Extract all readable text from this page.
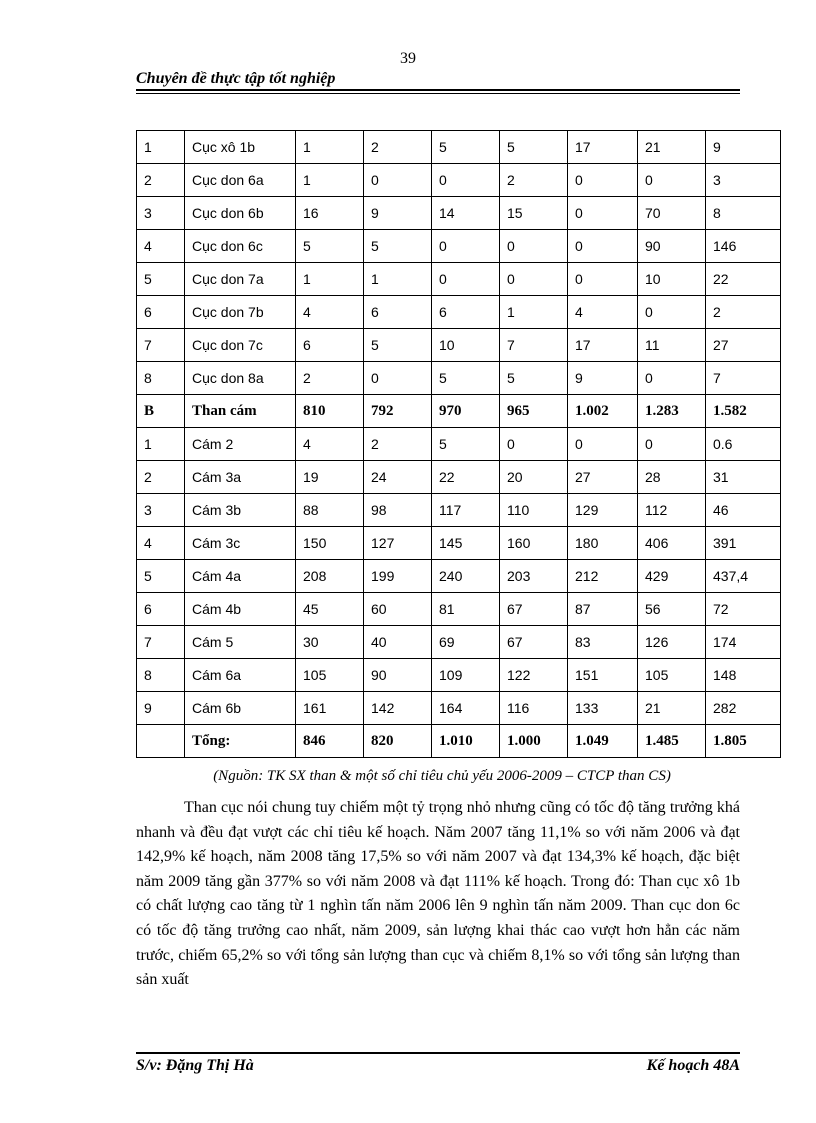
39
Chuyên đề thực tập tốt nghiệp
1	Cục xô 1b	1	2	5	5	17	21	9
2	Cục don 6a	1	0	0	2	0	0	3
3	Cục don 6b	16	9	14	15	0	70	8
4	Cục don 6c	5	5	0	0	0	90	146
5	Cục don 7a	1	1	0	0	0	10	22
6	Cục don 7b	4	6	6	1	4	0	2
7	Cục don 7c	6	5	10	7	17	11	27
8	Cục don 8a	2	0	5	5	9	0	7
B	Than cám	810	792	970	965	1.002	1.283	1.582
1	Cám 2	4	2	5	0	0	0	0.6
2	Cám 3a	19	24	22	20	27	28	31
3	Cám 3b	88	98	117	110	129	112	46
4	Cám 3c	150	127	145	160	180	406	391
5	Cám 4a	208	199	240	203	212	429	437,4
6	Cám 4b	45	60	81	67	87	56	72
7	Cám 5	30	40	69	67	83	126	174
8	Cám 6a	105	90	109	122	151	105	148
9	Cám 6b	161	142	164	116	133	21	282
	Tổng:	846	820	1.010	1.000	1.049	1.485	1.805
(Nguồn: TK SX than & một số chỉ tiêu chủ yếu 2006-2009 – CTCP than CS)

Than cục nói chung tuy chiếm một tỷ trọng nhỏ nhưng cũng có tốc độ tăng trưởng khá nhanh và đều đạt vượt các chỉ tiêu kế hoạch. Năm 2007 tăng 11,1% so với năm 2006 và đạt 142,9% kế hoạch, năm 2008 tăng 17,5% so với năm 2007 và đạt 134,3% kế hoạch, đặc biệt năm 2009 tăng gần 377% so với năm 2008 và đạt 111% kế hoạch. Trong đó: Than cục xô 1b có chất lượng cao tăng từ 1 nghìn tấn năm 2006 lên 9 nghìn tấn năm 2009. Than cục don 6c có tốc độ tăng trưởng cao nhất, năm 2009, sản lượng khai thác cao vượt hơn hẳn các năm trước, chiếm 65,2% so với tổng sản lượng than cục và chiếm 8,1% so với tổng sản lượng than sản xuất

S/v: Đặng Thị Hà	Kế hoạch 48A
